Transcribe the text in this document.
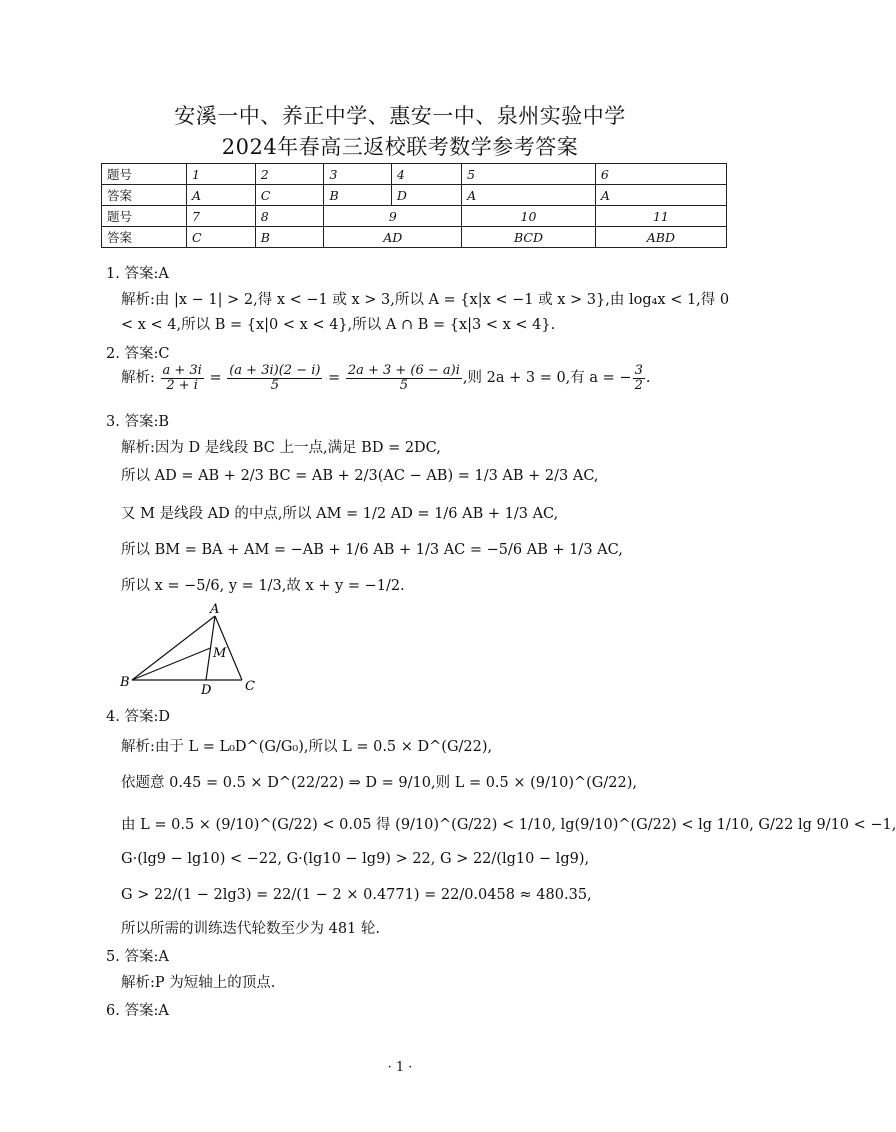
安溪一中、养正中学、惠安一中、泉州实验中学
2024年春高三返校联考数学参考答案
题号	1	2	3	4	5	6
答案	A	C	B	D	A	A
题号	7	8	9		10	11
答案	C	B	AD		BCD	ABD
1. 答案:A
解析:由 |x − 1| > 2,得 x < −1 或 x > 3,所以 A = {x|x < −1 或 x > 3},由 log₄x < 1,得 0
< x < 4,所以 B = {x|0 < x < 4},所以 A ∩ B = {x|3 < x < 4}.
2. 答案:C
解析: $\frac{a + 3i}{2 + i} = \frac{(a + 3i)(2 - i)}{5} = \frac{2a + 3 + (6 - a)i}{5}$ ,则 2a + 3 = 0,有 a = − $\frac{3}{2}$ .
3. 答案:B
解析:因为 D 是线段 BC 上一点,满足 BD = 2DC,
所以 AD = AB + 2/3 BC = AB + 2/3(AC − AB) = 1/3 AB + 2/3 AC,
又 M 是线段 AD 的中点,所以 AM = 1/2 AD = 1/6 AB + 1/3 AC,
所以 BM = BA + AM = −AB + 1/6 AB + 1/3 AC = −5/6 AB + 1/3 AC,
所以 x = −5/6, y = 1/3,故 x + y = −1/2.
A
M
B
D	C
4. 答案:D
解析:由于 L = L₀D^(G/G₀),所以 L = 0.5 × D^(G/22),
依题意 0.45 = 0.5 × D^(22/22) ⇒ D = 9/10,则 L = 0.5 × (9/10)^(G/22),
由 L = 0.5 × (9/10)^(G/22) < 0.05 得 (9/10)^(G/22) < 1/10, lg(9/10)^(G/22) < lg 1/10, G/22 lg 9/10 < −1,
G·(lg9 − lg10) < −22, G·(lg10 − lg9) > 22, G > 22/(lg10 − lg9),
G > 22/(1 − 2lg3) = 22/(1 − 2 × 0.4771) = 22/0.0458 ≈ 480.35,
所以所需的训练迭代轮数至少为 481 轮.
5. 答案:A
解析:P 为短轴上的顶点.
6. 答案:A
· 1 ·
